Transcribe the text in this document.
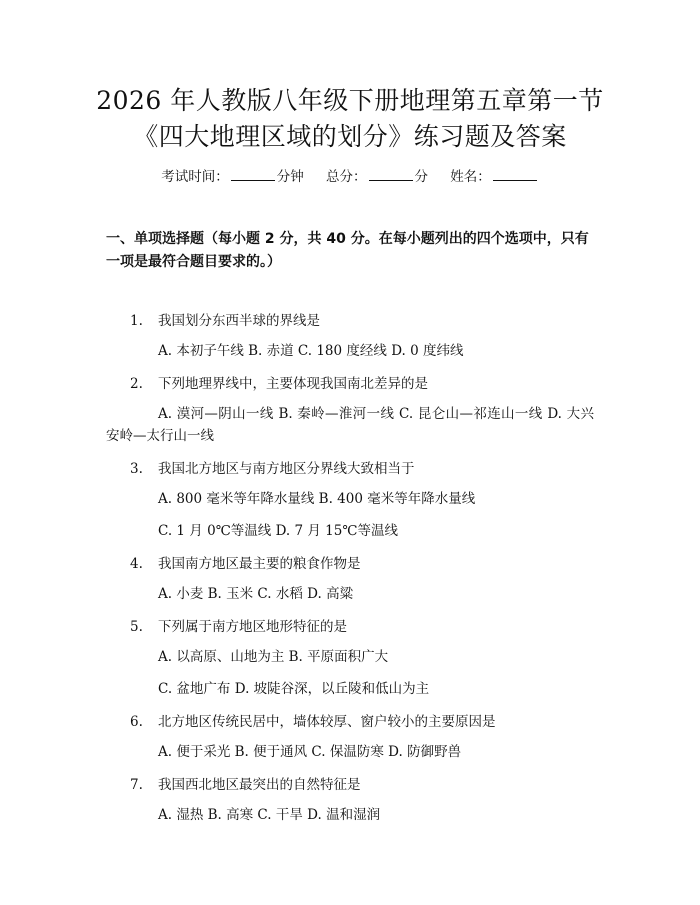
2026 年人教版八年级下册地理第五章第一节
《四大地理区域的划分》练习题及答案
考试时间：	分钟 总分：	分 姓名：
一、单项选择题（每小题 2 分，共 40 分。在每小题列出的四个选项中，只有一项是最符合题目要求的。）
1. 我国划分东西半球的界线是
A. 本初子午线 B. 赤道 C. 180 度经线 D. 0 度纬线
2. 下列地理界线中，主要体现我国南北差异的是
A. 漠河—阴山一线 B. 秦岭—淮河一线 C. 昆仑山—祁连山一线 D. 大兴安岭—太行山一线
3. 我国北方地区与南方地区分界线大致相当于
A. 800 毫米等年降水量线 B. 400 毫米等年降水量线
C. 1 月 0℃等温线 D. 7 月 15℃等温线
4. 我国南方地区最主要的粮食作物是
A. 小麦 B. 玉米 C. 水稻 D. 高粱
5. 下列属于南方地区地形特征的是
A. 以高原、山地为主 B. 平原面积广大
C. 盆地广布 D. 坡陡谷深，以丘陵和低山为主
6. 北方地区传统民居中，墙体较厚、窗户较小的主要原因是
A. 便于采光 B. 便于通风 C. 保温防寒 D. 防御野兽
7. 我国西北地区最突出的自然特征是
A. 湿热 B. 高寒 C. 干旱 D. 温和湿润
